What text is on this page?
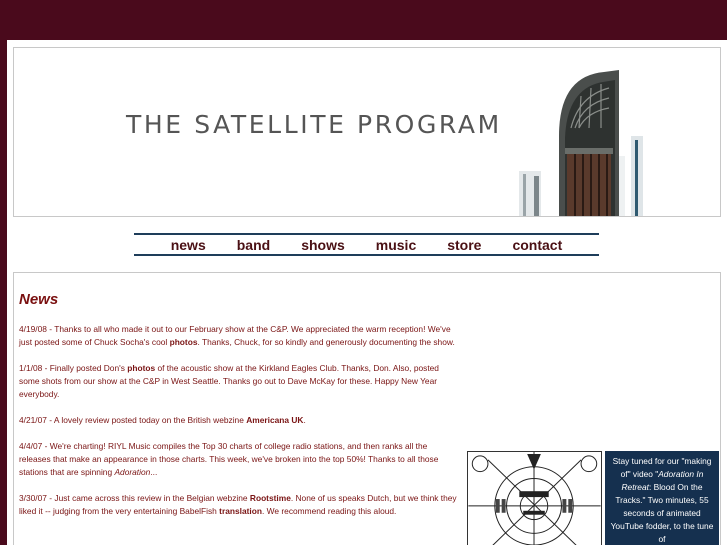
THE SATELLITE PROGRAM
news band shows music store contact
News

4/19/08 - Thanks to all who made it out to our February show at the C&P. We appreciated the warm reception! We've just posted some of Chuck Socha's cool photos. Thanks, Chuck, for so kindly and generously documenting the show.

1/1/08 - Finally posted Don's photos of the acoustic show at the Kirkland Eagles Club. Thanks, Don. Also, posted some shots from our show at the C&P in West Seattle. Thanks go out to Dave McKay for these. Happy New Year everybody.

4/21/07 - A lovely review posted today on the British webzine Americana UK.

4/4/07 - We're charting! RIYL Music compiles the Top 30 charts of college radio stations, and then ranks all the releases that make an appearance in those charts. This week, we've broken into the top 50%! Thanks to all those stations that are spinning Adoration...

3/30/07 - Just came across this review in the Belgian webzine Rootstime. None of us speaks Dutch, but we think they liked it -- judging from the very entertaining BabelFish translation. We recommend reading this aloud.

Stay tuned for our "making of" video "Adoration In Retreat: Blood On the Tracks." Two minutes, 55 seconds of animated YouTube fodder, to the tune of
